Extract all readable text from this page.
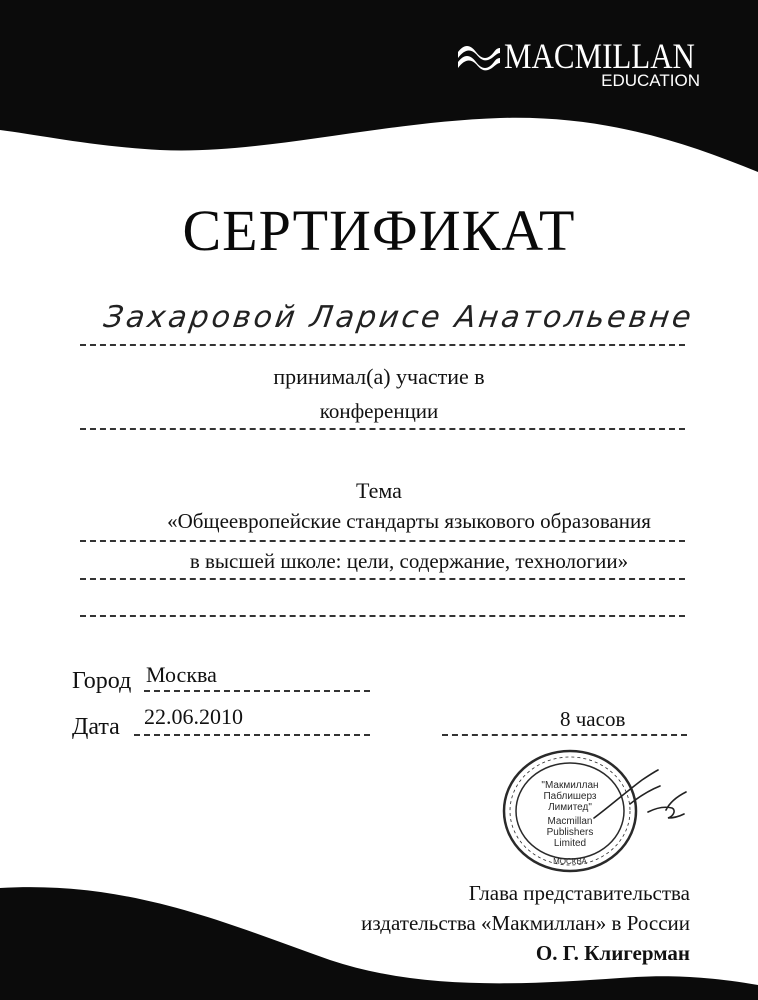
MACMILLAN
EDUCATION
СЕРТИФИКАТ
Захаровой Ларисе Анатольевне
принимал(а) участие в
конференции
Тема
«Общеевропейские стандарты языкового образования
в высшей школе: цели, содержание, технологии»
Город Москва
Дата 22.06.2010	8 часов
"Макмиллан
Паблишерз
Лимитед"
Macmillan
Publishers
Limited
МОСКВА
Глава представительства
издательства «Макмиллан» в России
О. Г. Клигерман
